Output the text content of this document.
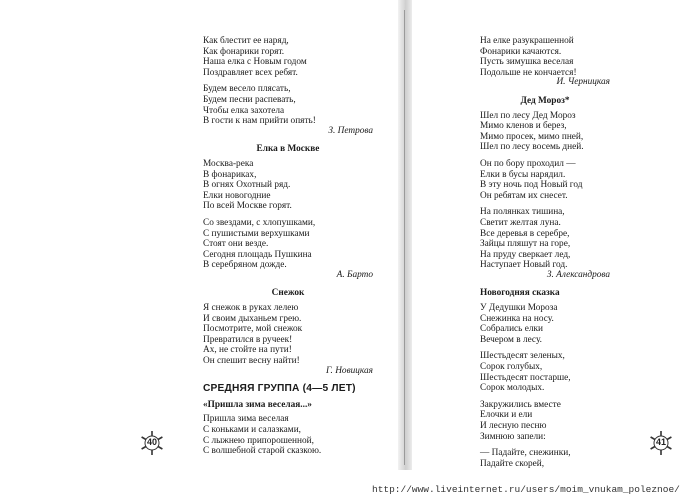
Как блестит ее наряд,
Как фонарики горят.
Наша елка с Новым годом
Поздравляет всех ребят.
Будем весело плясать,
Будем песни распевать,
Чтобы елка захотела
В гости к нам прийти опять!
З. Петрова
Елка в Москве
Москва-река
В фонариках,
В огнях Охотный ряд.
Елки новогодние
По всей Москве горят.
Со звездами, с хлопушками,
С пушистыми верхушками
Стоят они везде.
Сегодня площадь Пушкина
В серебряном дожде.
А. Барто
Снежок
Я снежок в руках лелею
И своим дыханьем грею.
Посмотрите, мой снежок
Превратился в ручеек!
Ах, не стойте на пути!
Он спешит весну найти!
Г. Новицкая
СРЕДНЯЯ ГРУППА (4—5 ЛЕТ)
«Пришла зима веселая...»
Пришла зима веселая
С коньками и салазками,
С лыжнею припорошенной,
С волшебной старой сказкою.
40
На елке разукрашенной
Фонарики качаются.
Пусть зимушка веселая
Подольше не кончается!
И. Черницкая
Дед Мороз*
Шел по лесу Дед Мороз
Мимо кленов и берез,
Мимо просек, мимо пней,
Шел по лесу восемь дней.
Он по бору проходил —
Елки в бусы нарядил.
В эту ночь под Новый год
Он ребятам их снесет.
На полянках тишина,
Светит желтая луна.
Все деревья в серебре,
Зайцы пляшут на горе,
На пруду сверкает лед,
Наступает Новый год.
З. Александрова
Новогодняя сказка
У Дедушки Мороза
Снежинка на носу.
Собрались елки
Вечером в лесу.
Шестьдесят зеленых,
Сорок голубых,
Шестьдесят постарше,
Сорок молодых.
Закружились вместе
Елочки и ели
И лесную песню
Зимнюю запели:
— Падайте, снежинки,
Падайте скорей,
41
http://www.liveinternet.ru/users/moim_vnukam_poleznoe/
